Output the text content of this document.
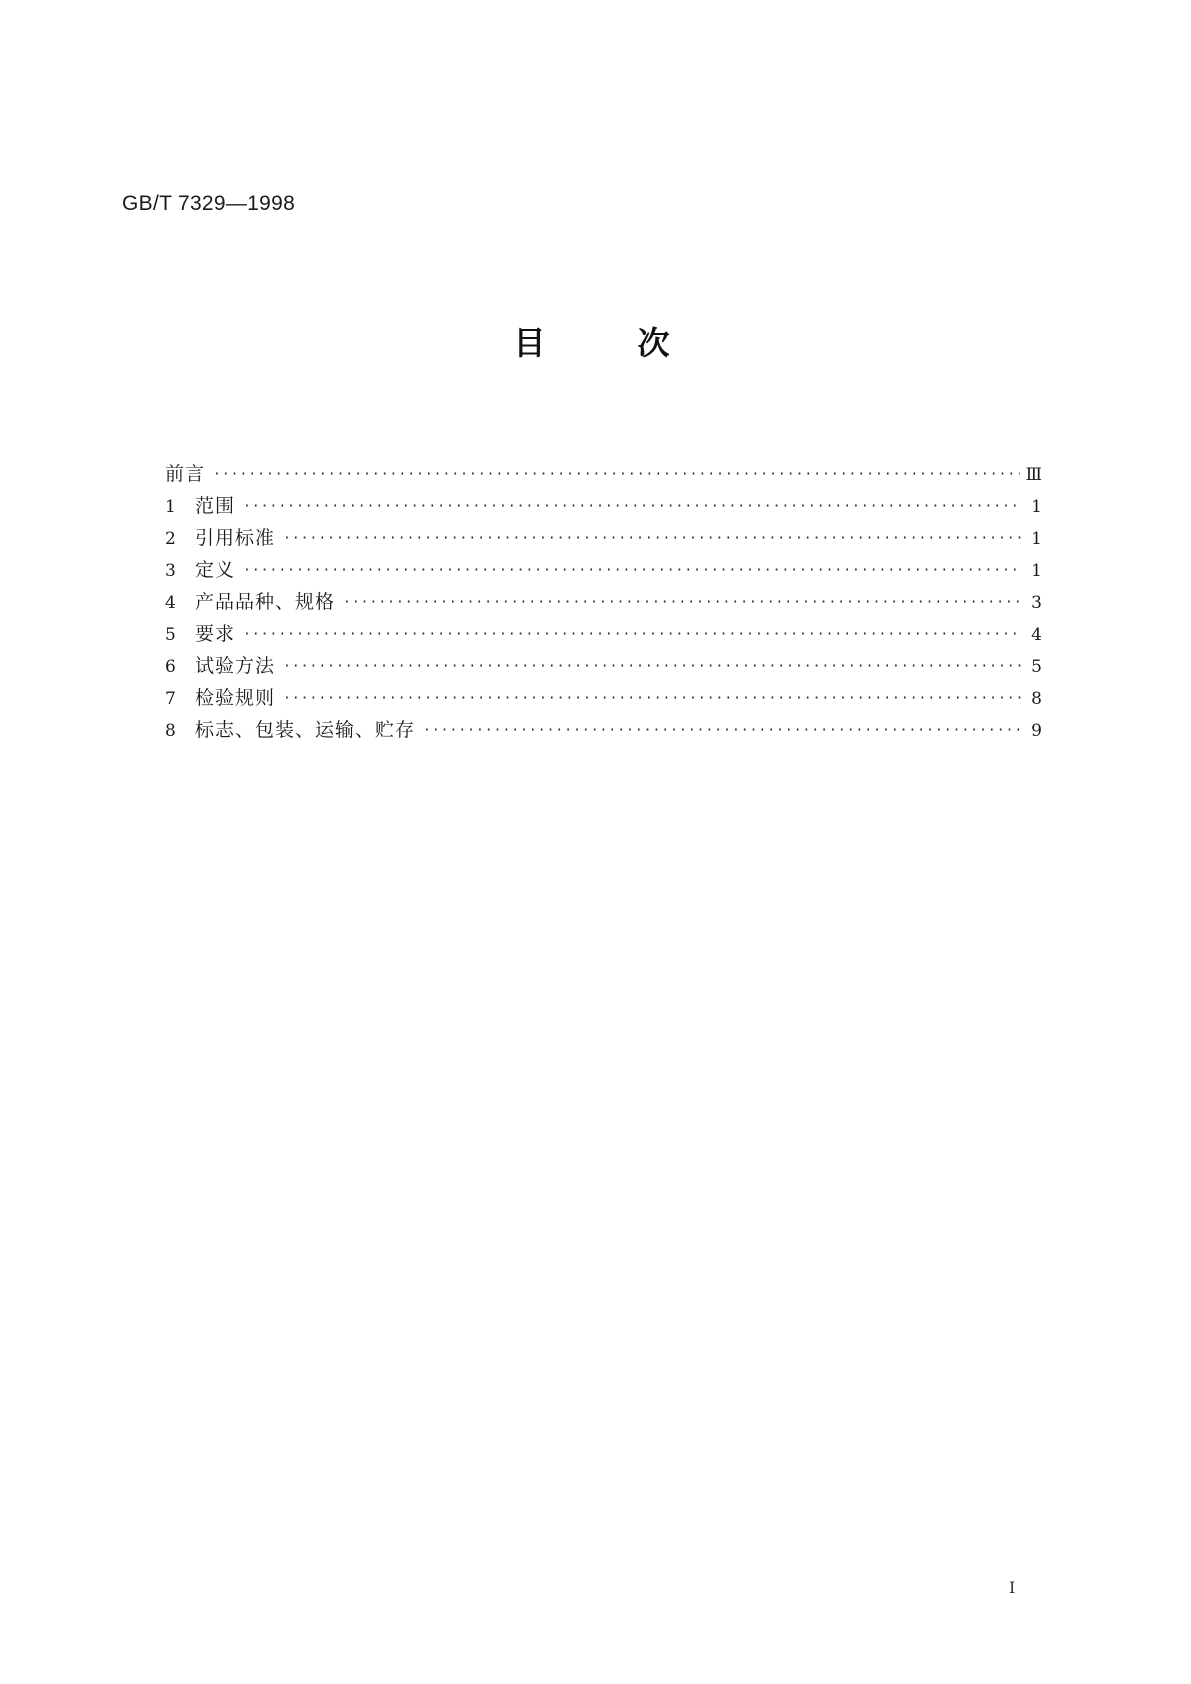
GB/T 7329—1998
目	次
前言 ·····	Ⅲ
1	范围 ·····	1
2	引用标准 ·····	1
3	定义 ·····	1
4	产品品种、规格 ·····	3
5	要求 ·····	4
6	试验方法 ·····	5
7	检验规则 ·····	8
8	标志、包装、运输、贮存 ·····	9
I
